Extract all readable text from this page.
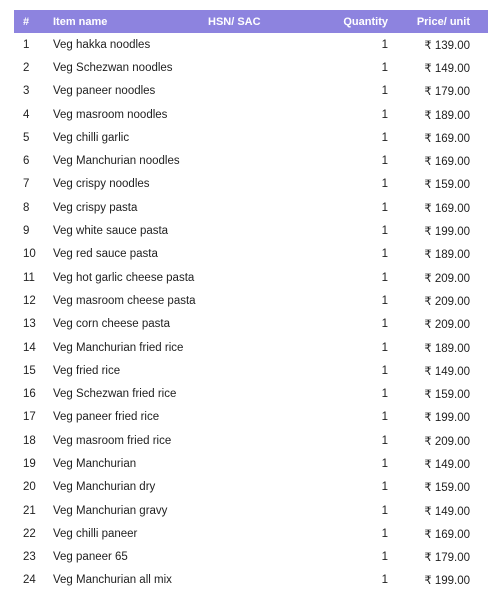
#	Item name	HSN/ SAC	Quantity	Price/ unit
1	Veg hakka noodles		1	₹ 139.00
2	Veg Schezwan noodles		1	₹ 149.00
3	Veg paneer noodles		1	₹ 179.00
4	Veg masroom noodles		1	₹ 189.00
5	Veg chilli garlic		1	₹ 169.00
6	Veg Manchurian noodles		1	₹ 169.00
7	Veg crispy noodles		1	₹ 159.00
8	Veg crispy pasta		1	₹ 169.00
9	Veg white sauce pasta		1	₹ 199.00
10	Veg red sauce pasta		1	₹ 189.00
11	Veg hot garlic cheese pasta		1	₹ 209.00
12	Veg masroom cheese pasta		1	₹ 209.00
13	Veg corn cheese pasta		1	₹ 209.00
14	Veg Manchurian fried rice		1	₹ 189.00
15	Veg fried rice		1	₹ 149.00
16	Veg Schezwan fried rice		1	₹ 159.00
17	Veg paneer fried rice		1	₹ 199.00
18	Veg masroom fried rice		1	₹ 209.00
19	Veg Manchurian		1	₹ 149.00
20	Veg Manchurian dry		1	₹ 159.00
21	Veg Manchurian gravy		1	₹ 149.00
22	Veg chilli paneer		1	₹ 169.00
23	Veg paneer 65		1	₹ 179.00
24	Veg Manchurian all mix		1	₹ 199.00
